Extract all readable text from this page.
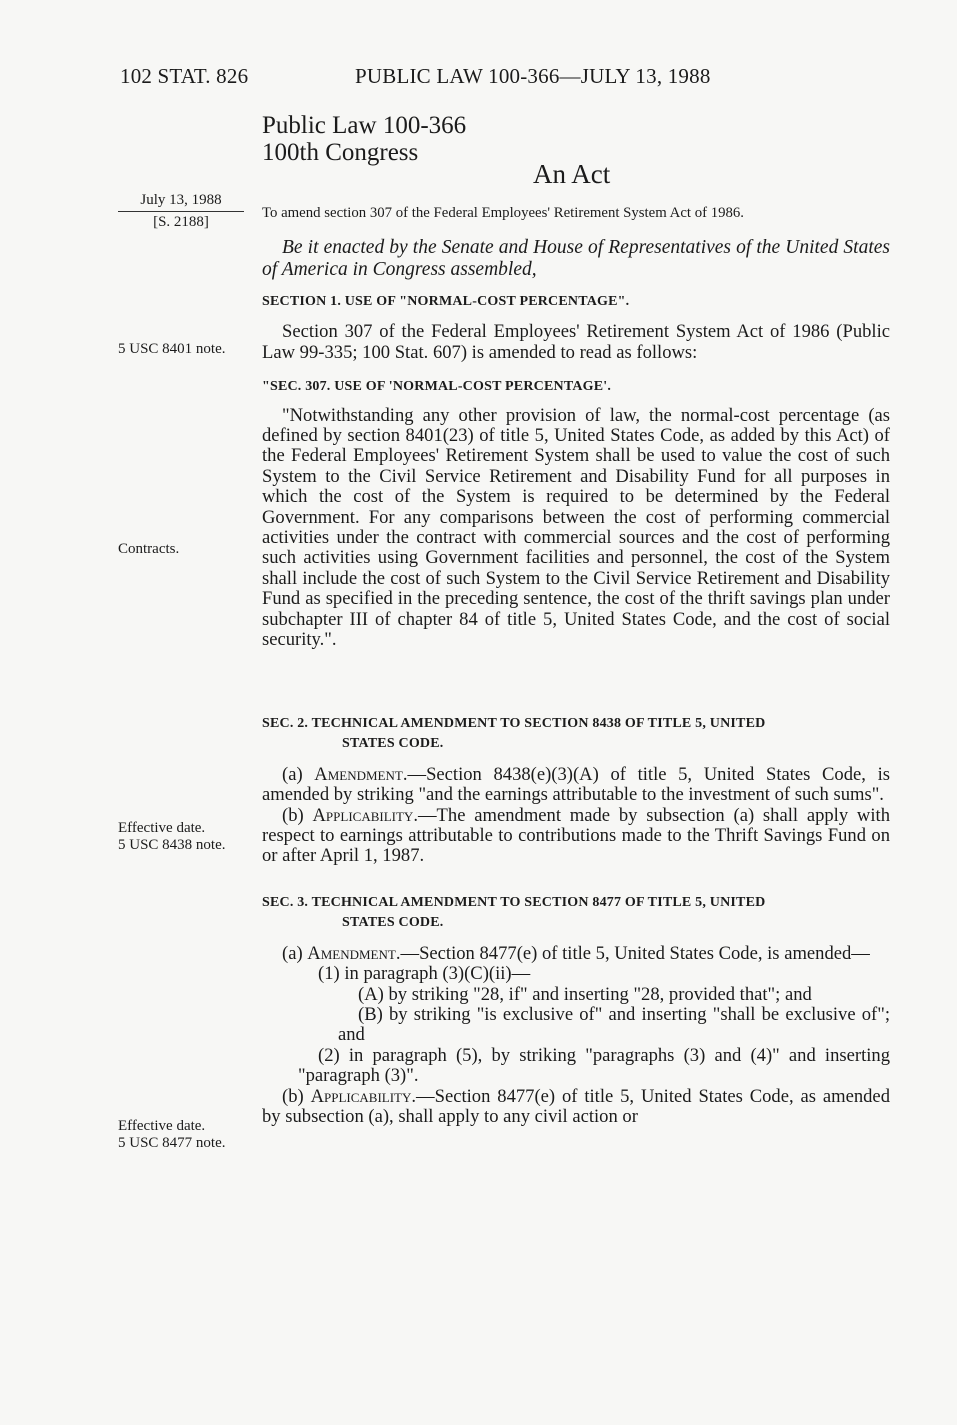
102 STAT. 826	PUBLIC LAW 100-366—JULY 13, 1988
Public Law 100-366
100th Congress
An Act
July 13, 1988
[S. 2188]
5 USC 8401 note.
Contracts.
Effective date.
5 USC 8438 note.
Effective date.
5 USC 8477 note.
To amend section 307 of the Federal Employees' Retirement System Act of 1986.

Be it enacted by the Senate and House of Representatives of the United States of America in Congress assembled,

SECTION 1. USE OF "NORMAL-COST PERCENTAGE".

Section 307 of the Federal Employees' Retirement System Act of 1986 (Public Law 99-335; 100 Stat. 607) is amended to read as follows:

"SEC. 307. USE OF 'NORMAL-COST PERCENTAGE'.

"Notwithstanding any other provision of law, the normal-cost percentage (as defined by section 8401(23) of title 5, United States Code, as added by this Act) of the Federal Employees' Retirement System shall be used to value the cost of such System to the Civil Service Retirement and Disability Fund for all purposes in which the cost of the System is required to be determined by the Federal Government. For any comparisons between the cost of performing commercial activities under the contract with commercial sources and the cost of performing such activities using Government facilities and personnel, the cost of the System shall include the cost of such System to the Civil Service Retirement and Disability Fund as specified in the preceding sentence, the cost of the thrift savings plan under subchapter III of chapter 84 of title 5, United States Code, and the cost of social security.".

SEC. 2. TECHNICAL AMENDMENT TO SECTION 8438 OF TITLE 5, UNITED
STATES CODE.

(a) Amendment.—Section 8438(e)(3)(A) of title 5, United States Code, is amended by striking "and the earnings attributable to the investment of such sums".

(b) Applicability.—The amendment made by subsection (a) shall apply with respect to earnings attributable to contributions made to the Thrift Savings Fund on or after April 1, 1987.

SEC. 3. TECHNICAL AMENDMENT TO SECTION 8477 OF TITLE 5, UNITED
STATES CODE.

(a) Amendment.—Section 8477(e) of title 5, United States Code, is amended—

(1) in paragraph (3)(C)(ii)—

(A) by striking "28, if" and inserting "28, provided that"; and

(B) by striking "is exclusive of" and inserting "shall be exclusive of"; and

(2) in paragraph (5), by striking "paragraphs (3) and (4)" and inserting "paragraph (3)".

(b) Applicability.—Section 8477(e) of title 5, United States Code, as amended by subsection (a), shall apply to any civil action or
